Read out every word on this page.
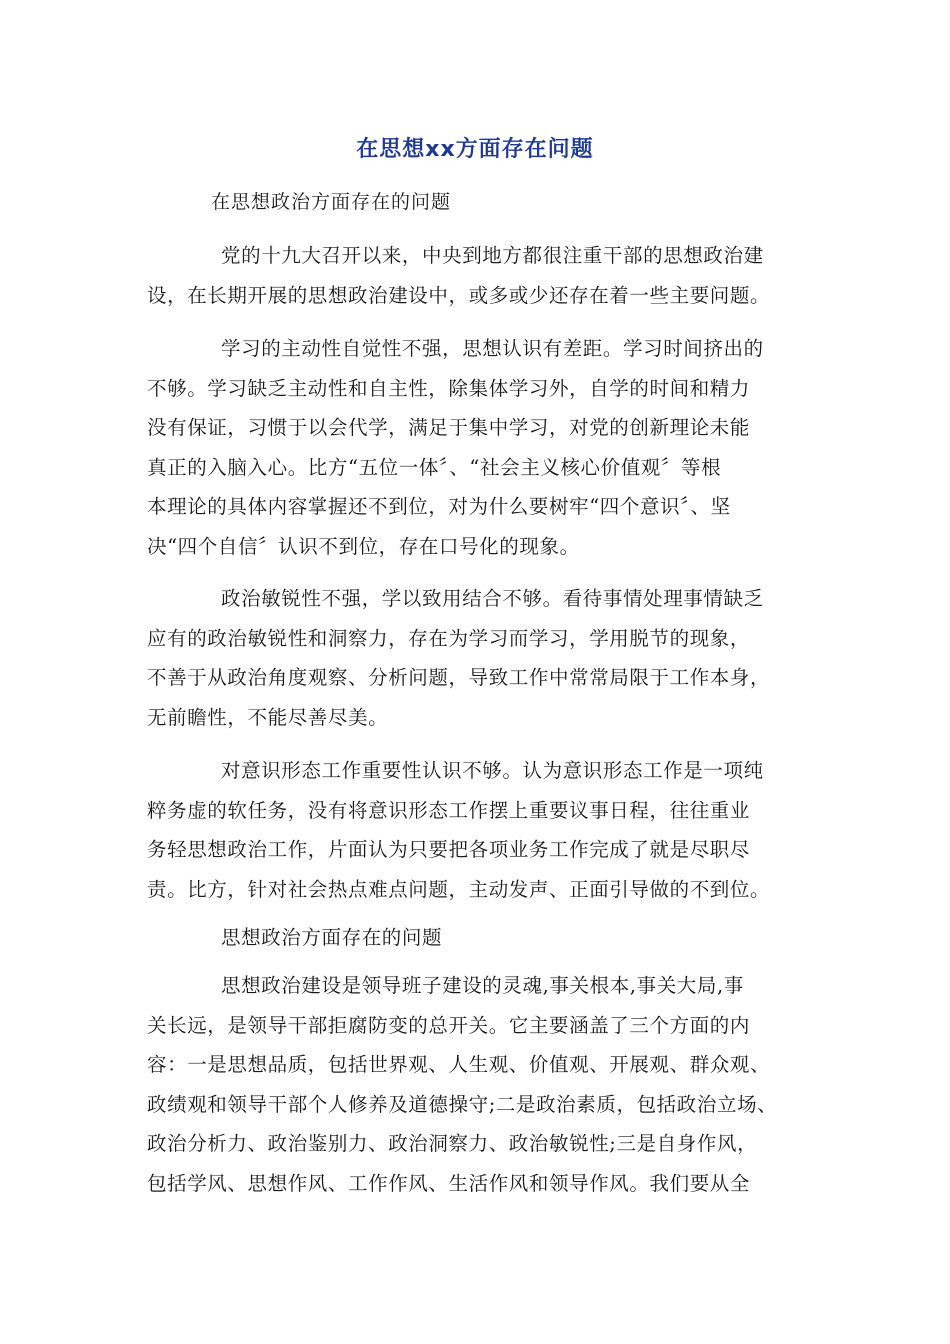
在思想xx方面存在问题
在思想政治方面存在的问题
党的十九大召开以来，中央到地方都很注重干部的思想政治建
设，在长期开展的思想政治建设中，或多或少还存在着一些主要问题。
学习的主动性自觉性不强，思想认识有差距。学习时间挤出的
不够。学习缺乏主动性和自主性，除集体学习外，自学的时间和精力
没有保证，习惯于以会代学，满足于集中学习，对党的创新理论未能
真正的入脑入心。比方“五位一体〞、“社会主义核心价值观〞等根
本理论的具体内容掌握还不到位，对为什么要树牢“四个意识〞、坚
决“四个自信〞认识不到位，存在口号化的现象。
政治敏锐性不强，学以致用结合不够。看待事情处理事情缺乏
应有的政治敏锐性和洞察力，存在为学习而学习，学用脱节的现象，
不善于从政治角度观察、分析问题，导致工作中常常局限于工作本身，
无前瞻性，不能尽善尽美。
对意识形态工作重要性认识不够。认为意识形态工作是一项纯
粹务虚的软任务，没有将意识形态工作摆上重要议事日程，往往重业
务轻思想政治工作，片面认为只要把各项业务工作完成了就是尽职尽
责。比方，针对社会热点难点问题，主动发声、正面引导做的不到位。
思想政治方面存在的问题
思想政治建设是领导班子建设的灵魂,事关根本,事关大局,事
关长远，是领导干部拒腐防变的总开关。它主要涵盖了三个方面的内
容：一是思想品质，包括世界观、人生观、价值观、开展观、群众观、
政绩观和领导干部个人修养及道德操守;二是政治素质，包括政治立场、
政治分析力、政治鉴别力、政治洞察力、政治敏锐性;三是自身作风，
包括学风、思想作风、工作作风、生活作风和领导作风。我们要从全
